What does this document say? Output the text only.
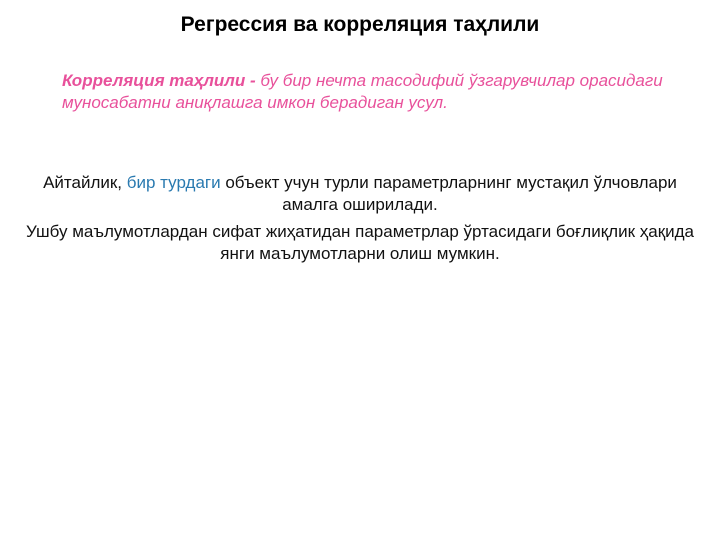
Регрессия ва корреляция таҳлили
Корреляция таҳлили - бу бир нечта тасодифий ўзгарувчилар орасидаги муносабатни аниқлашга имкон берадиган усул.

Айтайлик, бир турдаги объект учун турли параметрларнинг мустақил ўлчовлари амалга оширилади.

Ушбу маълумотлардан сифат жиҳатидан параметрлар ўртасидаги боғлиқлик ҳақида янги маълумотларни олиш мумкин.
